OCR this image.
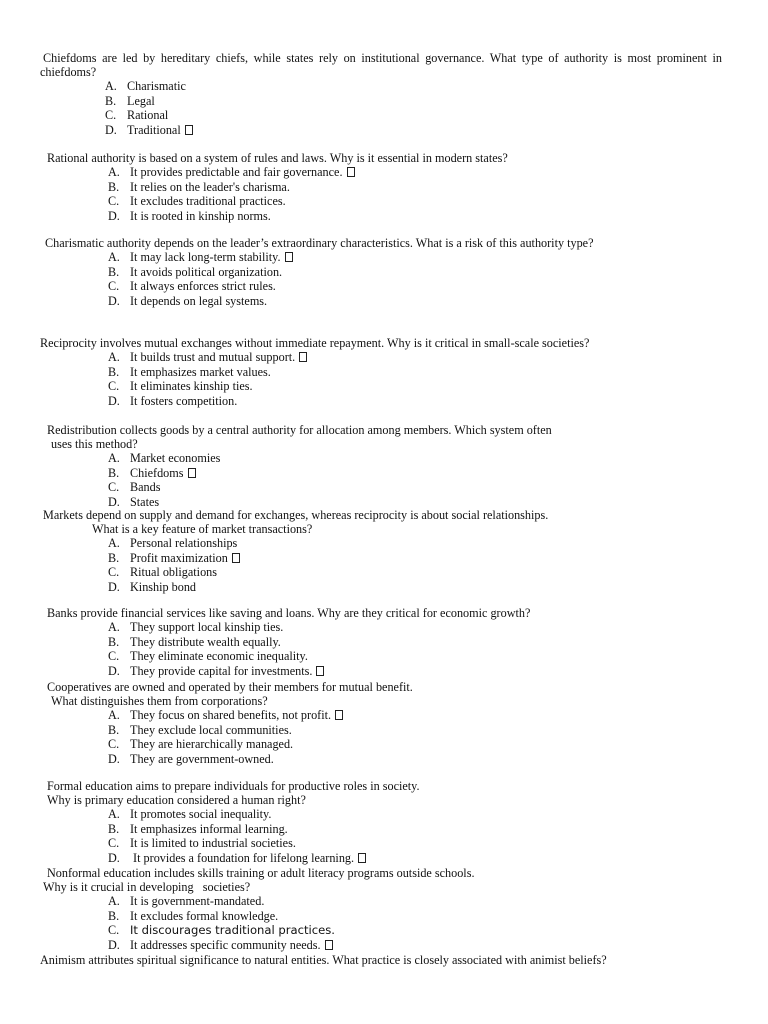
Chiefdoms are led by hereditary chiefs, while states rely on institutional governance. What type of authority is most prominent in chiefdoms?

A. Charismatic
B. Legal
C. Rational
D. Traditional

Rational authority is based on a system of rules and laws. Why is it essential in modern states?

A. It provides predictable and fair governance.
B. It relies on the leader's charisma.
C. It excludes traditional practices.
D. It is rooted in kinship norms.

Charismatic authority depends on the leader’s extraordinary characteristics. What is a risk of this authority type?

A. It may lack long-term stability.
B. It avoids political organization.
C. It always enforces strict rules.
D. It depends on legal systems.

Reciprocity involves mutual exchanges without immediate repayment. Why is it critical in small-scale societies?

A. It builds trust and mutual support.
B. It emphasizes market values.
C. It eliminates kinship ties.
D. It fosters competition.

Redistribution collects goods by a central authority for allocation among members. Which system often

uses this method?

A. Market economies
B. Chiefdoms
C. Bands
D. States

Markets depend on supply and demand for exchanges, whereas reciprocity is about social relationships.

What is a key feature of market transactions?

A. Personal relationships
B. Profit maximization
C. Ritual obligations
D. Kinship bond

Banks provide financial services like saving and loans. Why are they critical for economic growth?

A. They support local kinship ties.
B. They distribute wealth equally.
C. They eliminate economic inequality.
D. They provide capital for investments.

Cooperatives are owned and operated by their members for mutual benefit.

What distinguishes them from corporations?

A. They focus on shared benefits, not profit.
B. They exclude local communities.
C. They are hierarchically managed.
D. They are government-owned.

Formal education aims to prepare individuals for productive roles in society.

Why is primary education considered a human right?

A. It promotes social inequality.
B. It emphasizes informal learning.
C. It is limited to industrial societies.
D. It provides a foundation for lifelong learning.

Nonformal education includes skills training or adult literacy programs outside schools.

Why is it crucial in developing   societies?

A. It is government-mandated.
B. It excludes formal knowledge.
C. It discourages traditional practices.
D. It addresses specific community needs.

Animism attributes spiritual significance to natural entities. What practice is closely associated with animist beliefs?
